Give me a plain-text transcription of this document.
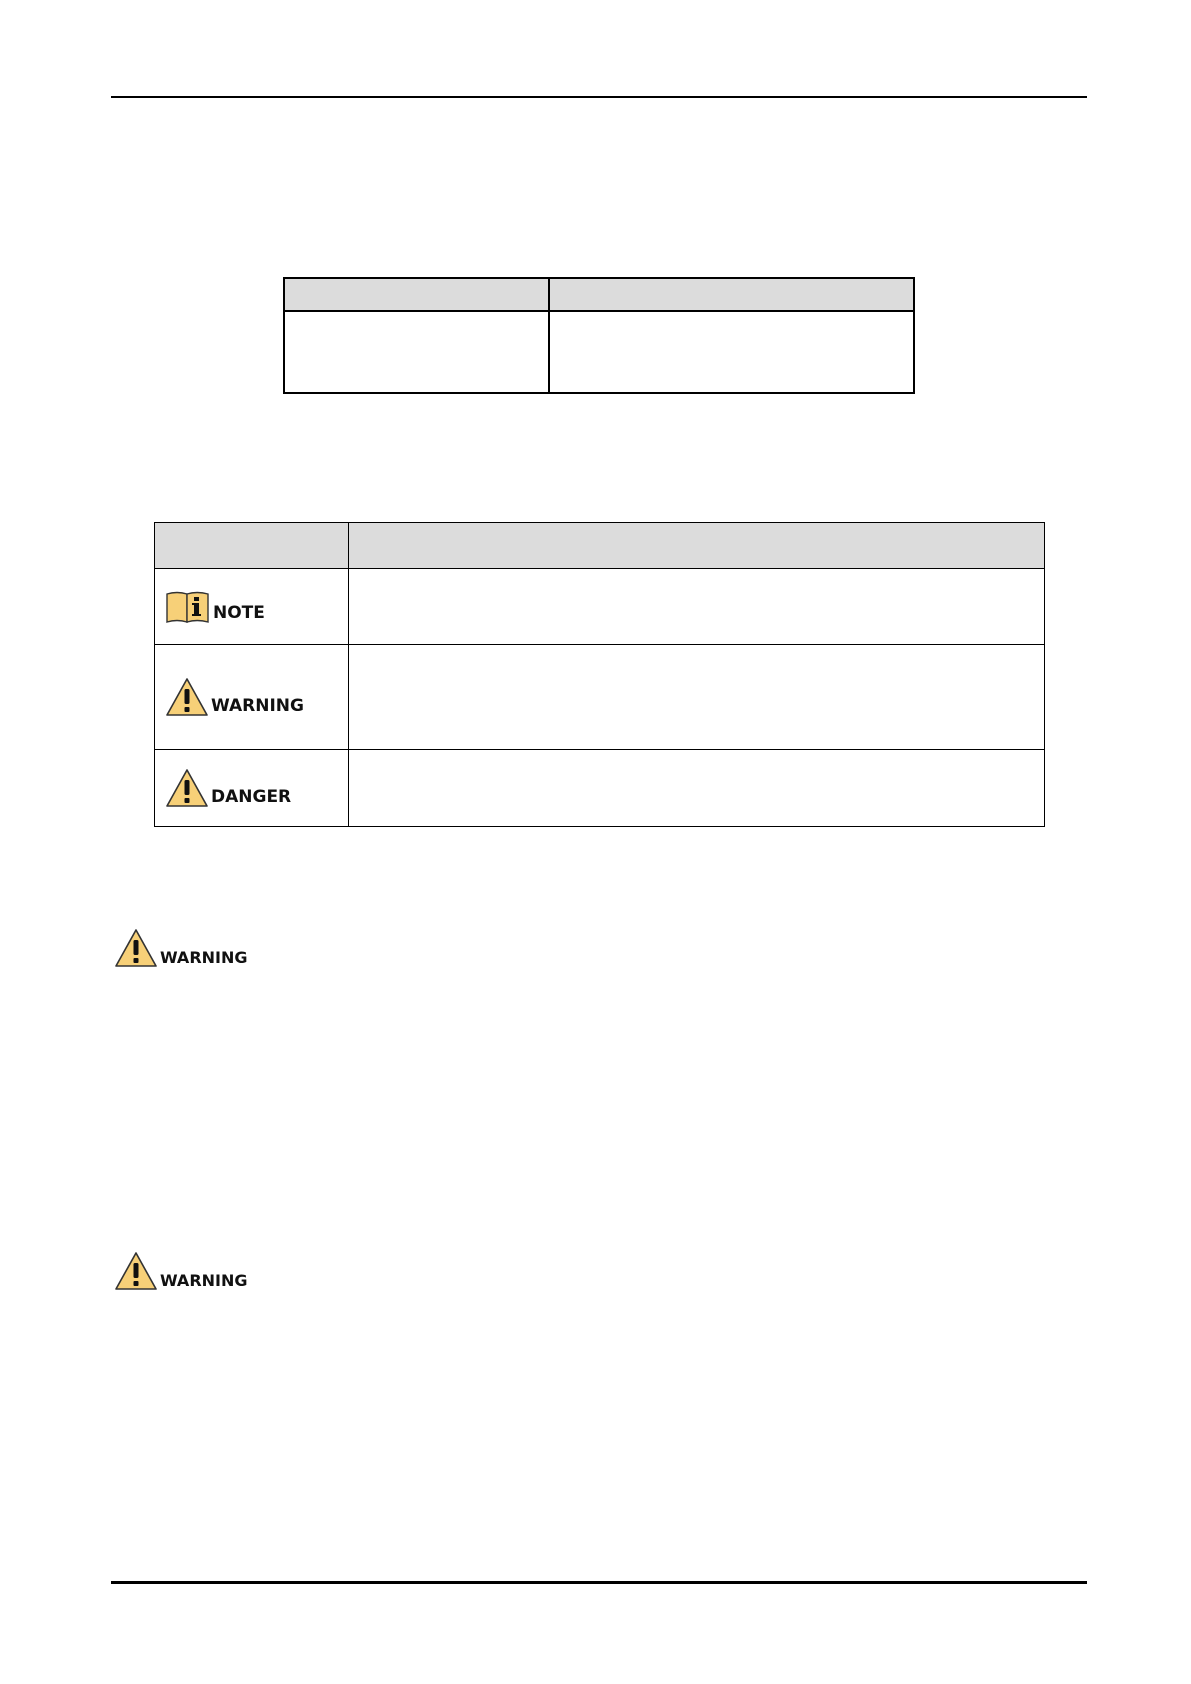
NOTE	

WARNING	

DANGER	

WARNING
WARNING
